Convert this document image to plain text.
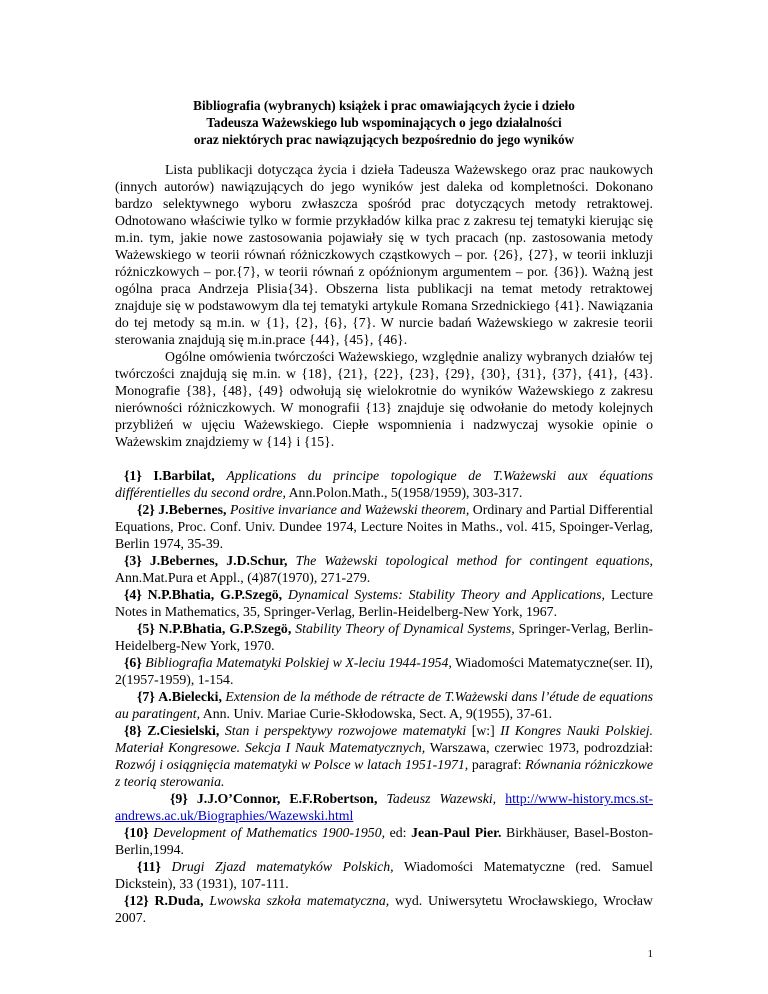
Bibliografia (wybranych) książek i prac omawiających życie i dzieło
Tadeusza Ważewskiego lub wspominających o jego działalności
oraz niektórych prac nawiązujących bezpośrednio do jego wyników

Lista publikacji dotycząca życia i dzieła Tadeusza Ważewskego oraz prac naukowych (innych autorów) nawiązujących do jego wyników jest daleka od kompletności. Dokonano bardzo selektywnego wyboru zwłaszcza spośród prac dotyczących metody retraktowej. Odnotowano właściwie tylko w formie przykładów kilka prac z zakresu tej tematyki kierując się m.in. tym, jakie nowe zastosowania pojawiały się w tych pracach (np. zastosowania metody Ważewskiego w teorii równań różniczkowych cząstkowych – por. {26}, {27}, w teorii inkluzji różniczkowych – por.{7}, w teorii równań z opóźnionym argumentem – por. {36}). Ważną jest ogólna praca Andrzeja Plisia{34}. Obszerna lista publikacji na temat metody retraktowej znajduje się w podstawowym dla tej tematyki artykule Romana Srzednickiego {41}. Nawiązania do tej metody są m.in. w {1}, {2}, {6}, {7}. W nurcie badań Ważewskiego w zakresie teorii sterowania znajdują się m.in.prace {44}, {45}, {46}.

Ogólne omówienia twórczości Ważewskiego, względnie analizy wybranych działów tej twórczości znajdują się m.in. w {18}, {21}, {22}, {23}, {29}, {30}, {31}, {37}, {41}, {43}. Monografie {38}, {48}, {49} odwołują się wielokrotnie do wyników Ważewskiego z zakresu nierówności różniczkowych. W monografii {13} znajduje się odwołanie do metody kolejnych przybliżeń w ujęciu Ważewskiego. Ciepłe wspomnienia i nadzwyczaj wysokie opinie o Ważewskim znajdziemy w {14} i {15}.

{1} I.Barbilat, Applications du principe topologique de T.Ważewski aux équations différentielles du second ordre, Ann.Polon.Math., 5(1958/1959), 303-317.

{2} J.Bebernes, Positive invariance and Ważewski theorem, Ordinary and Partial Differential Equations, Proc. Conf. Univ. Dundee 1974, Lecture Noites in Maths., vol. 415, Spoinger-Verlag, Berlin 1974, 35-39.

{3} J.Bebernes, J.D.Schur, The Ważewski topological method for contingent equations, Ann.Mat.Pura et Appl., (4)87(1970), 271-279.

{4} N.P.Bhatia, G.P.Szegö, Dynamical Systems: Stability Theory and Applications, Lecture Notes in Mathematics, 35, Springer-Verlag, Berlin-Heidelberg-New York, 1967.

{5} N.P.Bhatia, G.P.Szegö, Stability Theory of Dynamical Systems, Springer-Verlag, Berlin-Heidelberg-New York, 1970.

{6} Bibliografia Matematyki Polskiej w X-leciu 1944-1954, Wiadomości Matematyczne(ser. II), 2(1957-1959), 1-154.

{7} A.Bielecki, Extension de la méthode de rétracte de T.Ważewski dans l’étude de equations au paratingent, Ann. Univ. Mariae Curie-Skłodowska, Sect. A, 9(1955), 37-61.

{8} Z.Ciesielski, Stan i perspektywy rozwojowe matematyki [w:] II Kongres Nauki Polskiej. Materiał Kongresowe. Sekcja I Nauk Matematycznych, Warszawa, czerwiec 1973, podrozdział: Rozwój i osiągnięcia matematyki w Polsce w latach 1951-1971, paragraf: Równania różniczkowe z teorią sterowania.

{9} J.J.O’Connor, E.F.Robertson, Tadeusz Wazewski, http://www-history.mcs.st-andrews.ac.uk/Biographies/Wazewski.html

{10} Development of Mathematics 1900-1950, ed: Jean-Paul Pier. Birkhäuser, Basel-Boston-Berlin,1994.

{11} Drugi Zjazd matematyków Polskich, Wiadomości Matematyczne (red. Samuel Dickstein), 33 (1931), 107-111.

{12} R.Duda, Lwowska szkoła matematyczna, wyd. Uniwersytetu Wrocławskiego, Wrocław 2007.

1
